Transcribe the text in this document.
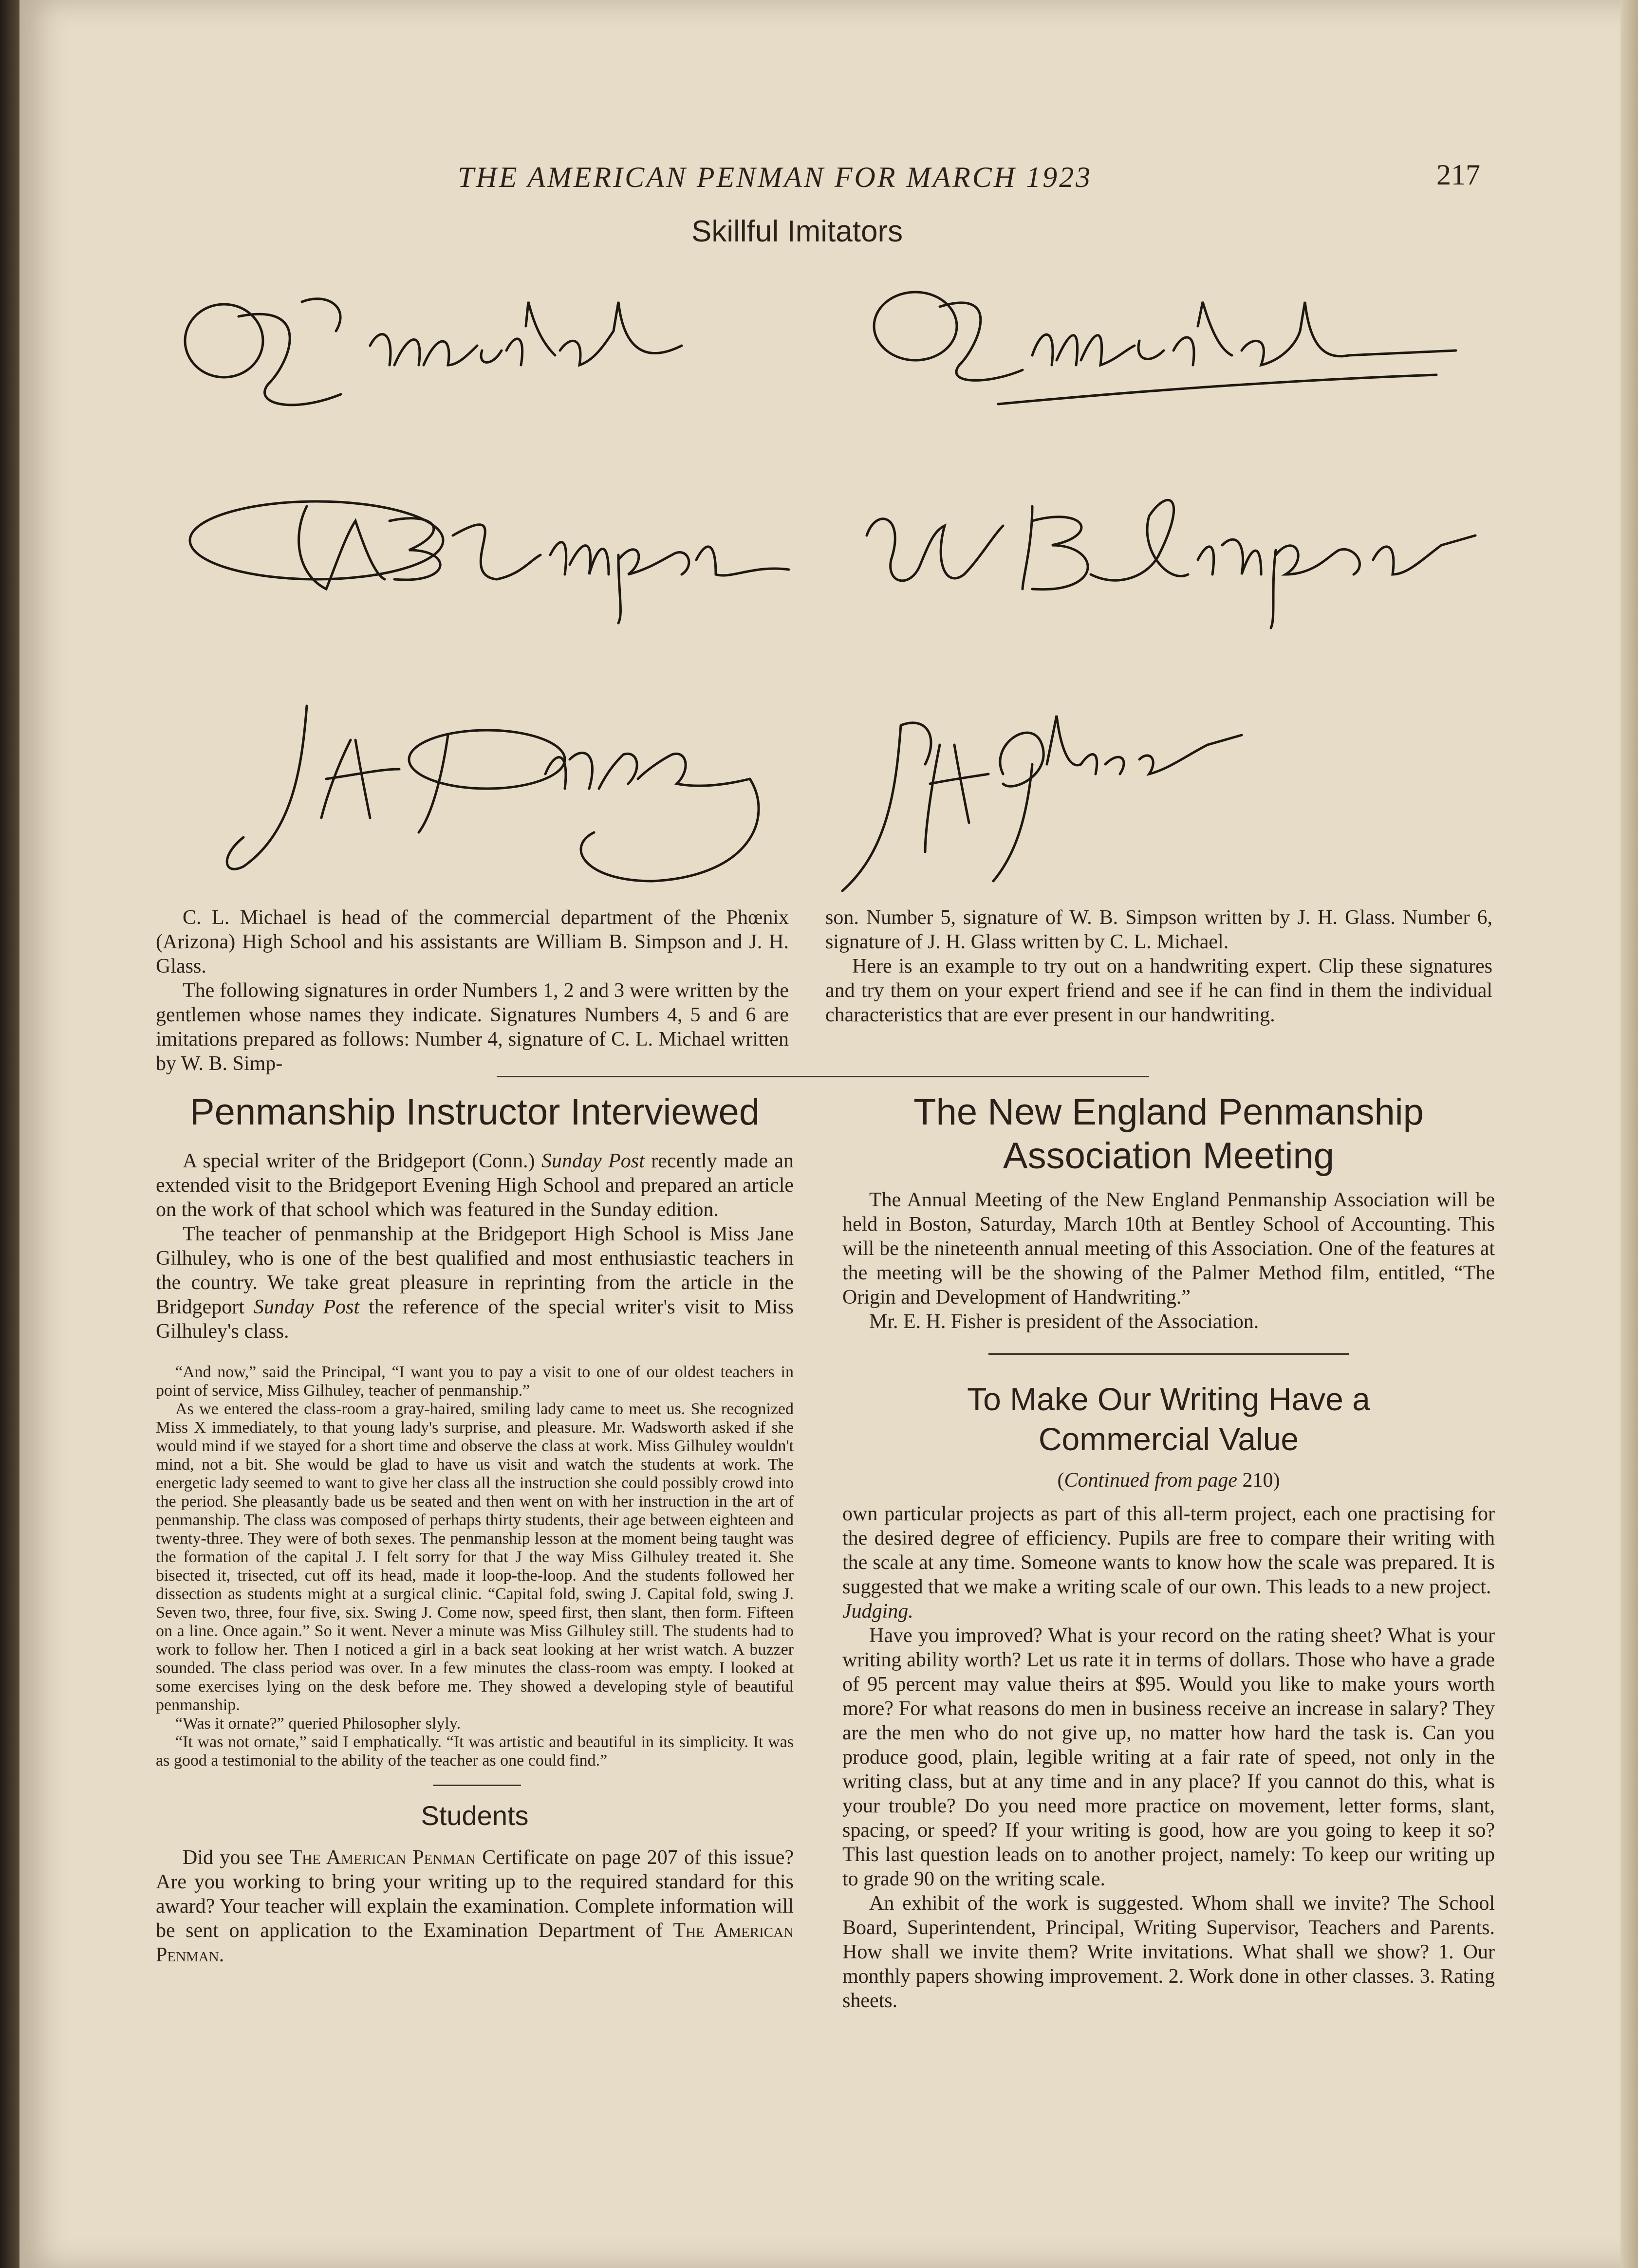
THE AMERICAN PENMAN FOR MARCH 1923	217
Skillful Imitators

C. L. Michael is head of the commercial department of the Phœnix (Arizona) High School and his assistants are William B. Simpson and J. H. Glass.

The following signatures in order Numbers 1, 2 and 3 were written by the gentlemen whose names they indicate. Signatures Numbers 4, 5 and 6 are imitations prepared as follows: Number 4, signature of C. L. Michael written by W. B. Simp-

son. Number 5, signature of W. B. Simpson written by J. H. Glass. Number 6, signature of J. H. Glass written by C. L. Michael.

Here is an example to try out on a handwriting expert. Clip these signatures and try them on your expert friend and see if he can find in them the individual characteristics that are ever present in our handwriting.

Penmanship Instructor Interviewed

A special writer of the Bridgeport (Conn.) Sunday Post recently made an extended visit to the Bridgeport Evening High School and prepared an article on the work of that school which was featured in the Sunday edition.

The teacher of penmanship at the Bridgeport High School is Miss Jane Gilhuley, who is one of the best qualified and most enthusiastic teachers in the country. We take great pleasure in reprinting from the article in the Bridgeport Sunday Post the reference of the special writer's visit to Miss Gilhuley's class.

“And now,” said the Principal, “I want you to pay a visit to one of our oldest teachers in point of service, Miss Gilhuley, teacher of penmanship.”

As we entered the class-room a gray-haired, smiling lady came to meet us. She recognized Miss X immediately, to that young lady's surprise, and pleasure. Mr. Wadsworth asked if she would mind if we stayed for a short time and observe the class at work. Miss Gilhuley wouldn't mind, not a bit. She would be glad to have us visit and watch the students at work. The energetic lady seemed to want to give her class all the instruction she could possibly crowd into the period. She pleasantly bade us be seated and then went on with her instruction in the art of penmanship. The class was composed of perhaps thirty students, their age between eighteen and twenty-three. They were of both sexes. The penmanship lesson at the moment being taught was the formation of the capital J. I felt sorry for that J the way Miss Gilhuley treated it. She bisected it, trisected, cut off its head, made it loop-the-loop. And the students followed her dissection as students might at a surgical clinic. “Capital fold, swing J. Capital fold, swing J. Seven two, three, four five, six. Swing J. Come now, speed first, then slant, then form. Fifteen on a line. Once again.” So it went. Never a minute was Miss Gilhuley still. The students had to work to follow her. Then I noticed a girl in a back seat looking at her wrist watch. A buzzer sounded. The class period was over. In a few minutes the class-room was empty. I looked at some exercises lying on the desk before me. They showed a developing style of beautiful penmanship.

“Was it ornate?” queried Philosopher slyly.

“It was not ornate,” said I emphatically. “It was artistic and beautiful in its simplicity. It was as good a testimonial to the ability of the teacher as one could find.”

Students

Did you see The American Penman Certificate on page 207 of this issue? Are you working to bring your writing up to the required standard for this award? Your teacher will explain the examination. Complete information will be sent on application to the Examination Department of The American Penman.

The New England Penmanship
Association Meeting

The Annual Meeting of the New England Penmanship Association will be held in Boston, Saturday, March 10th at Bentley School of Accounting. This will be the nineteenth annual meeting of this Association. One of the features at the meeting will be the showing of the Palmer Method film, entitled, “The Origin and Development of Handwriting.”

Mr. E. H. Fisher is president of the Association.

To Make Our Writing Have a
Commercial Value
(Continued from page 210)

own particular projects as part of this all-term project, each one practising for the desired degree of efficiency. Pupils are free to compare their writing with the scale at any time. Someone wants to know how the scale was prepared. It is suggested that we make a writing scale of our own. This leads to a new project.

Judging.

Have you improved? What is your record on the rating sheet? What is your writing ability worth? Let us rate it in terms of dollars. Those who have a grade of 95 percent may value theirs at $95. Would you like to make yours worth more? For what reasons do men in business receive an increase in salary? They are the men who do not give up, no matter how hard the task is. Can you produce good, plain, legible writing at a fair rate of speed, not only in the writing class, but at any time and in any place? If you cannot do this, what is your trouble? Do you need more practice on movement, letter forms, slant, spacing, or speed? If your writing is good, how are you going to keep it so? This last question leads on to another project, namely: To keep our writing up to grade 90 on the writing scale.

An exhibit of the work is suggested. Whom shall we invite? The School Board, Superintendent, Principal, Writing Supervisor, Teachers and Parents. How shall we invite them? Write invitations. What shall we show? 1. Our monthly papers showing improvement. 2. Work done in other classes. 3. Rating sheets.
